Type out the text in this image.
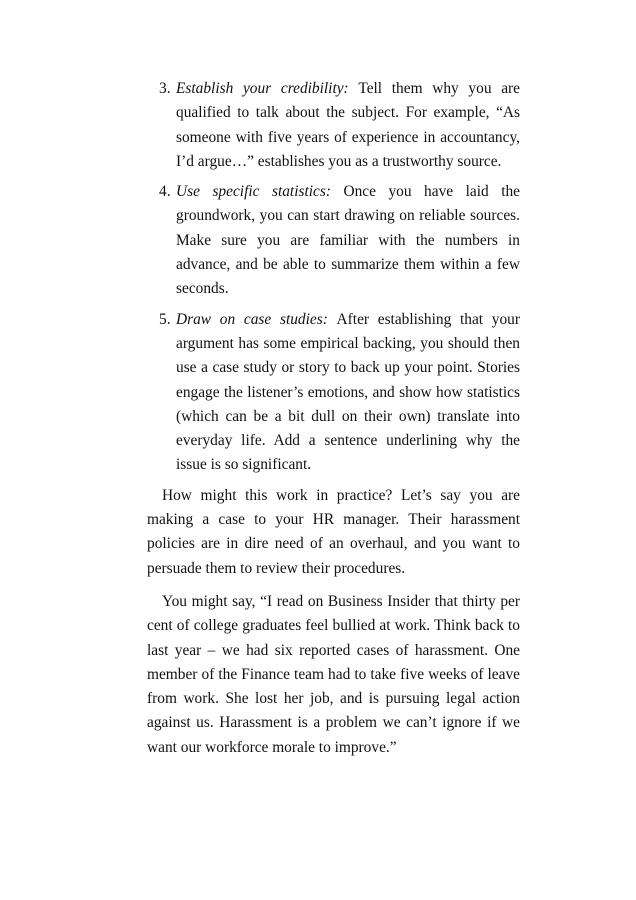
3. Establish your credibility: Tell them why you are qualified to talk about the subject. For example, “As someone with five years of experience in accountancy, I’d argue…” establishes you as a trustworthy source.
4. Use specific statistics: Once you have laid the groundwork, you can start drawing on reliable sources. Make sure you are familiar with the numbers in advance, and be able to summarize them within a few seconds.
5. Draw on case studies: After establishing that your argument has some empirical backing, you should then use a case study or story to back up your point. Stories engage the listener’s emotions, and show how statistics (which can be a bit dull on their own) translate into everyday life. Add a sentence underlining why the issue is so significant.

How might this work in practice? Let’s say you are making a case to your HR manager. Their harassment policies are in dire need of an overhaul, and you want to persuade them to review their procedures.

You might say, “I read on Business Insider that thirty per cent of college graduates feel bullied at work. Think back to last year – we had six reported cases of harassment. One member of the Finance team had to take five weeks of leave from work. She lost her job, and is pursuing legal action against us. Harassment is a problem we can’t ignore if we want our workforce morale to improve.”
